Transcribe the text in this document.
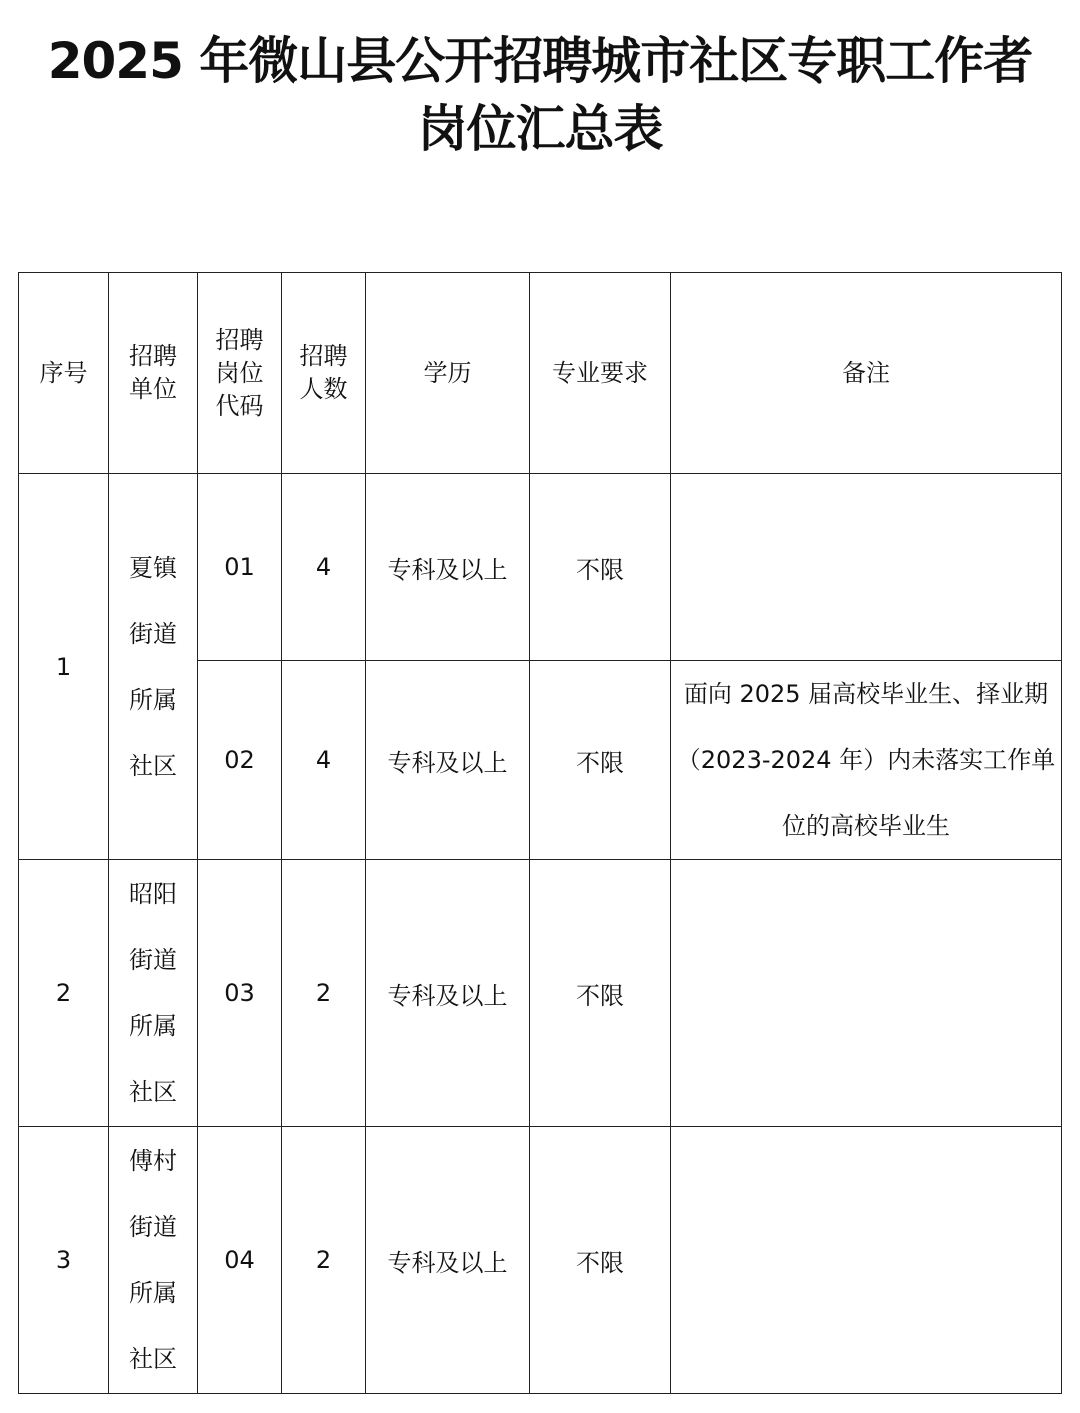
2025 年微山县公开招聘城市社区专职工作者
岗位汇总表
序号	招聘单位	招聘岗位代码	招聘人数	学历	专业要求	备注
1	夏镇街道所属社区	01	4	专科及以上	不限	
		02	4	专科及以上	不限	面向 2025 届高校毕业生、择业期（2023-2024 年）内未落实工作单位的高校毕业生
2	昭阳街道所属社区	03	2	专科及以上	不限	
3	傅村街道所属社区	04	2	专科及以上	不限	
